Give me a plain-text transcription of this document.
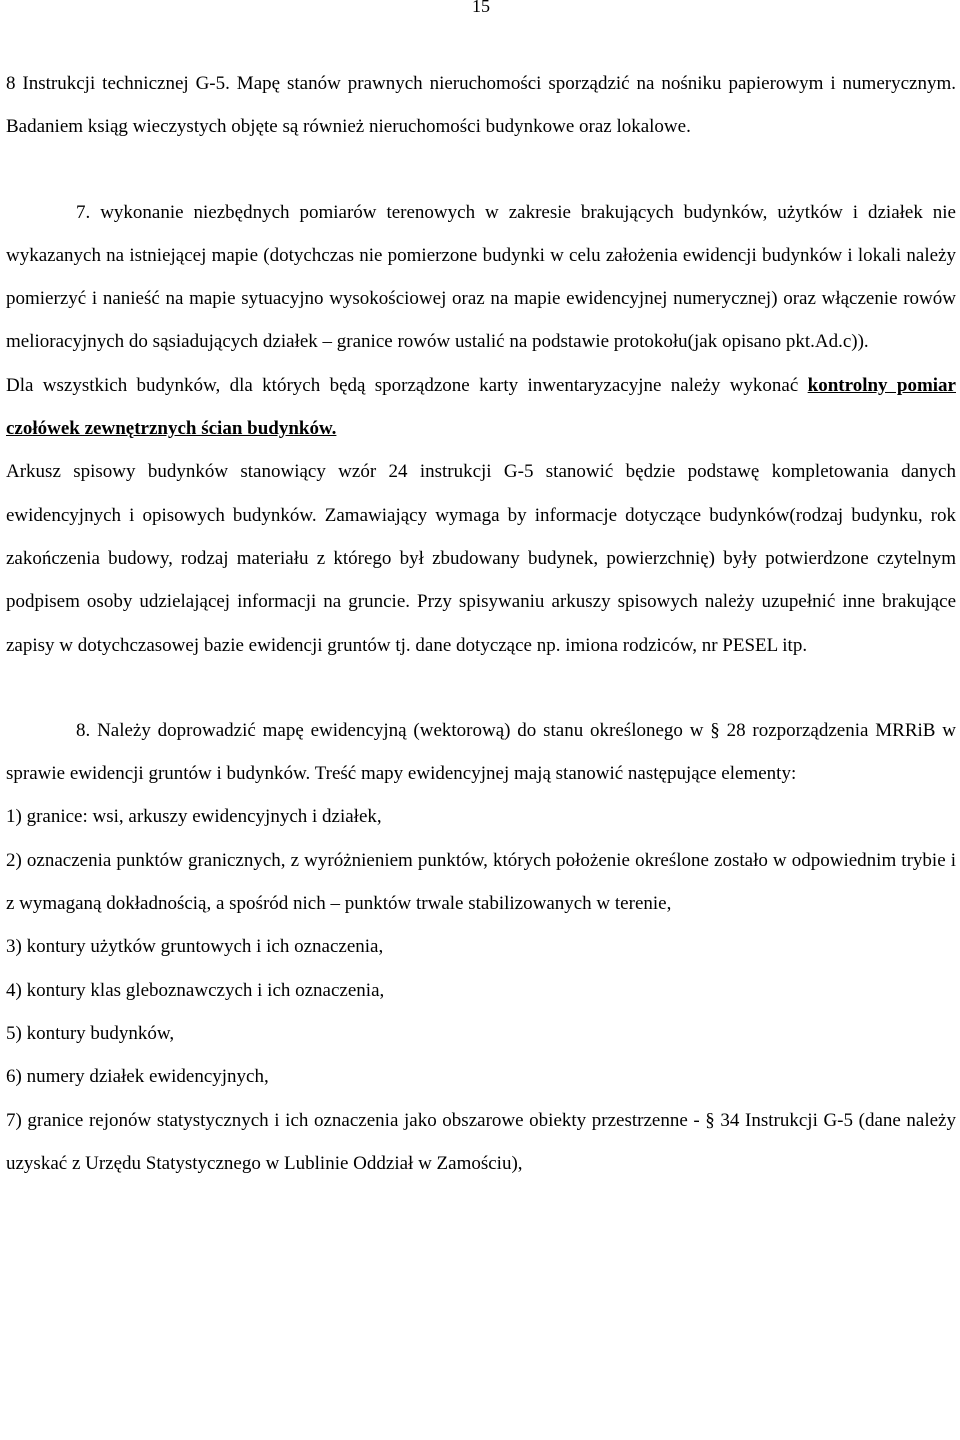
15

8 Instrukcji technicznej G-5. Mapę stanów prawnych nieruchomości sporządzić na nośniku papierowym i numerycznym. Badaniem ksiąg wieczystych objęte są również nieruchomości budynkowe oraz lokalowe.

7. wykonanie niezbędnych pomiarów terenowych w zakresie brakujących budynków, użytków i działek nie wykazanych na istniejącej mapie (dotychczas nie pomierzone budynki w celu założenia ewidencji budynków i lokali należy pomierzyć i nanieść na mapie sytuacyjno wysokościowej oraz na mapie ewidencyjnej numerycznej) oraz włączenie rowów melioracyjnych do sąsiadujących działek – granice rowów ustalić na podstawie protokołu(jak opisano pkt.Ad.c)).

Dla wszystkich budynków, dla których będą sporządzone karty inwentaryzacyjne należy wykonać kontrolny pomiar czołówek zewnętrznych ścian budynków.

Arkusz spisowy budynków stanowiący wzór 24 instrukcji G-5 stanowić będzie podstawę kompletowania danych ewidencyjnych i opisowych budynków. Zamawiający wymaga by informacje dotyczące budynków(rodzaj budynku, rok zakończenia budowy, rodzaj materiału z którego był zbudowany budynek, powierzchnię) były potwierdzone czytelnym podpisem osoby udzielającej informacji na gruncie. Przy spisywaniu arkuszy spisowych należy uzupełnić inne brakujące zapisy w dotychczasowej bazie ewidencji gruntów tj. dane dotyczące np. imiona rodziców, nr PESEL itp.

8. Należy doprowadzić mapę ewidencyjną (wektorową) do stanu określonego w § 28 rozporządzenia MRRiB w sprawie ewidencji gruntów i budynków. Treść mapy ewidencyjnej mają stanowić następujące elementy:

1) granice: wsi, arkuszy ewidencyjnych i działek,

2) oznaczenia punktów granicznych, z wyróżnieniem punktów, których położenie określone zostało w odpowiednim trybie i z wymaganą dokładnością, a spośród nich – punktów trwale stabilizowanych w terenie,

3) kontury użytków gruntowych i ich oznaczenia,

4) kontury klas gleboznawczych i ich oznaczenia,

5) kontury budynków,

6) numery działek ewidencyjnych,

7) granice rejonów statystycznych i ich oznaczenia jako obszarowe obiekty przestrzenne - § 34 Instrukcji G-5 (dane należy uzyskać z Urzędu Statystycznego w Lublinie Oddział w Zamościu),
